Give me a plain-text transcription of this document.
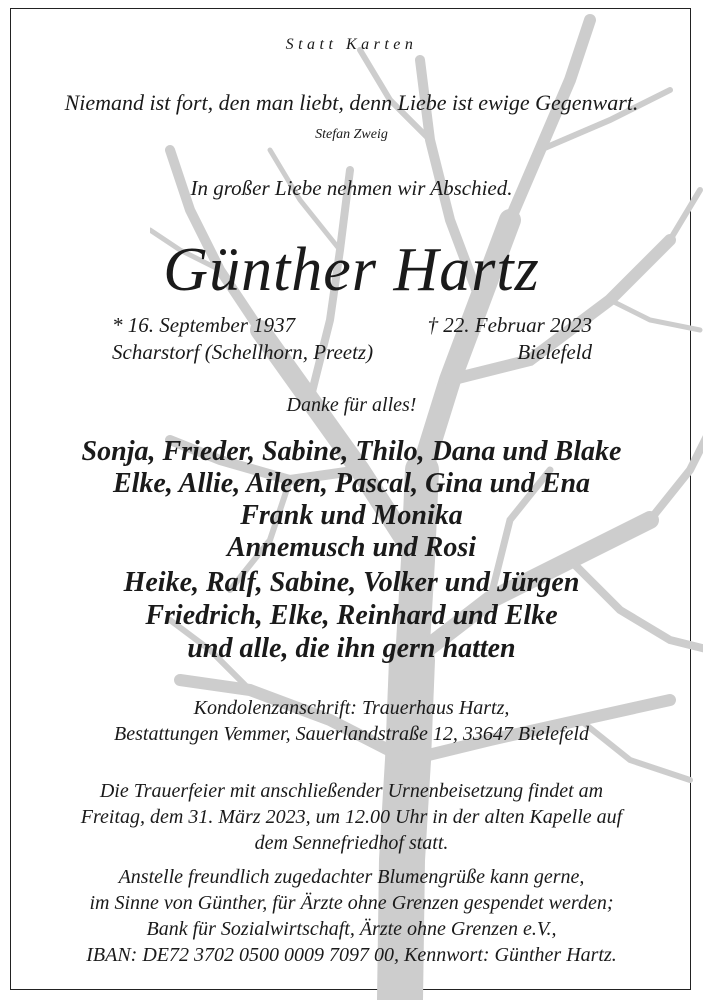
Statt Karten
Niemand ist fort, den man liebt, denn Liebe ist ewige Gegenwart.
Stefan Zweig
In großer Liebe nehmen wir Abschied.
Günther Hartz
* 16. September 1937
Scharstorf (Schellhorn, Preetz)
† 22. Februar 2023
Bielefeld
Danke für alles!
Sonja, Frieder, Sabine, Thilo, Dana und Blake
Elke, Allie, Aileen, Pascal, Gina und Ena
Frank und Monika
Annemusch und Rosi
Heike, Ralf, Sabine, Volker und Jürgen
Friedrich, Elke, Reinhard und Elke
und alle, die ihn gern hatten
Kondolenzanschrift: Trauerhaus Hartz,
Bestattungen Vemmer, Sauerlandstraße 12, 33647 Bielefeld
Die Trauerfeier mit anschließender Urnenbeisetzung findet am
Freitag, dem 31. März 2023, um 12.00 Uhr in der alten Kapelle auf
dem Sennefriedhof statt.
Anstelle freundlich zugedachter Blumengrüße kann gerne,
im Sinne von Günther, für Ärzte ohne Grenzen gespendet werden;
Bank für Sozialwirtschaft, Ärzte ohne Grenzen e.V.,
IBAN: DE72 3702 0500 0009 7097 00, Kennwort: Günther Hartz.
